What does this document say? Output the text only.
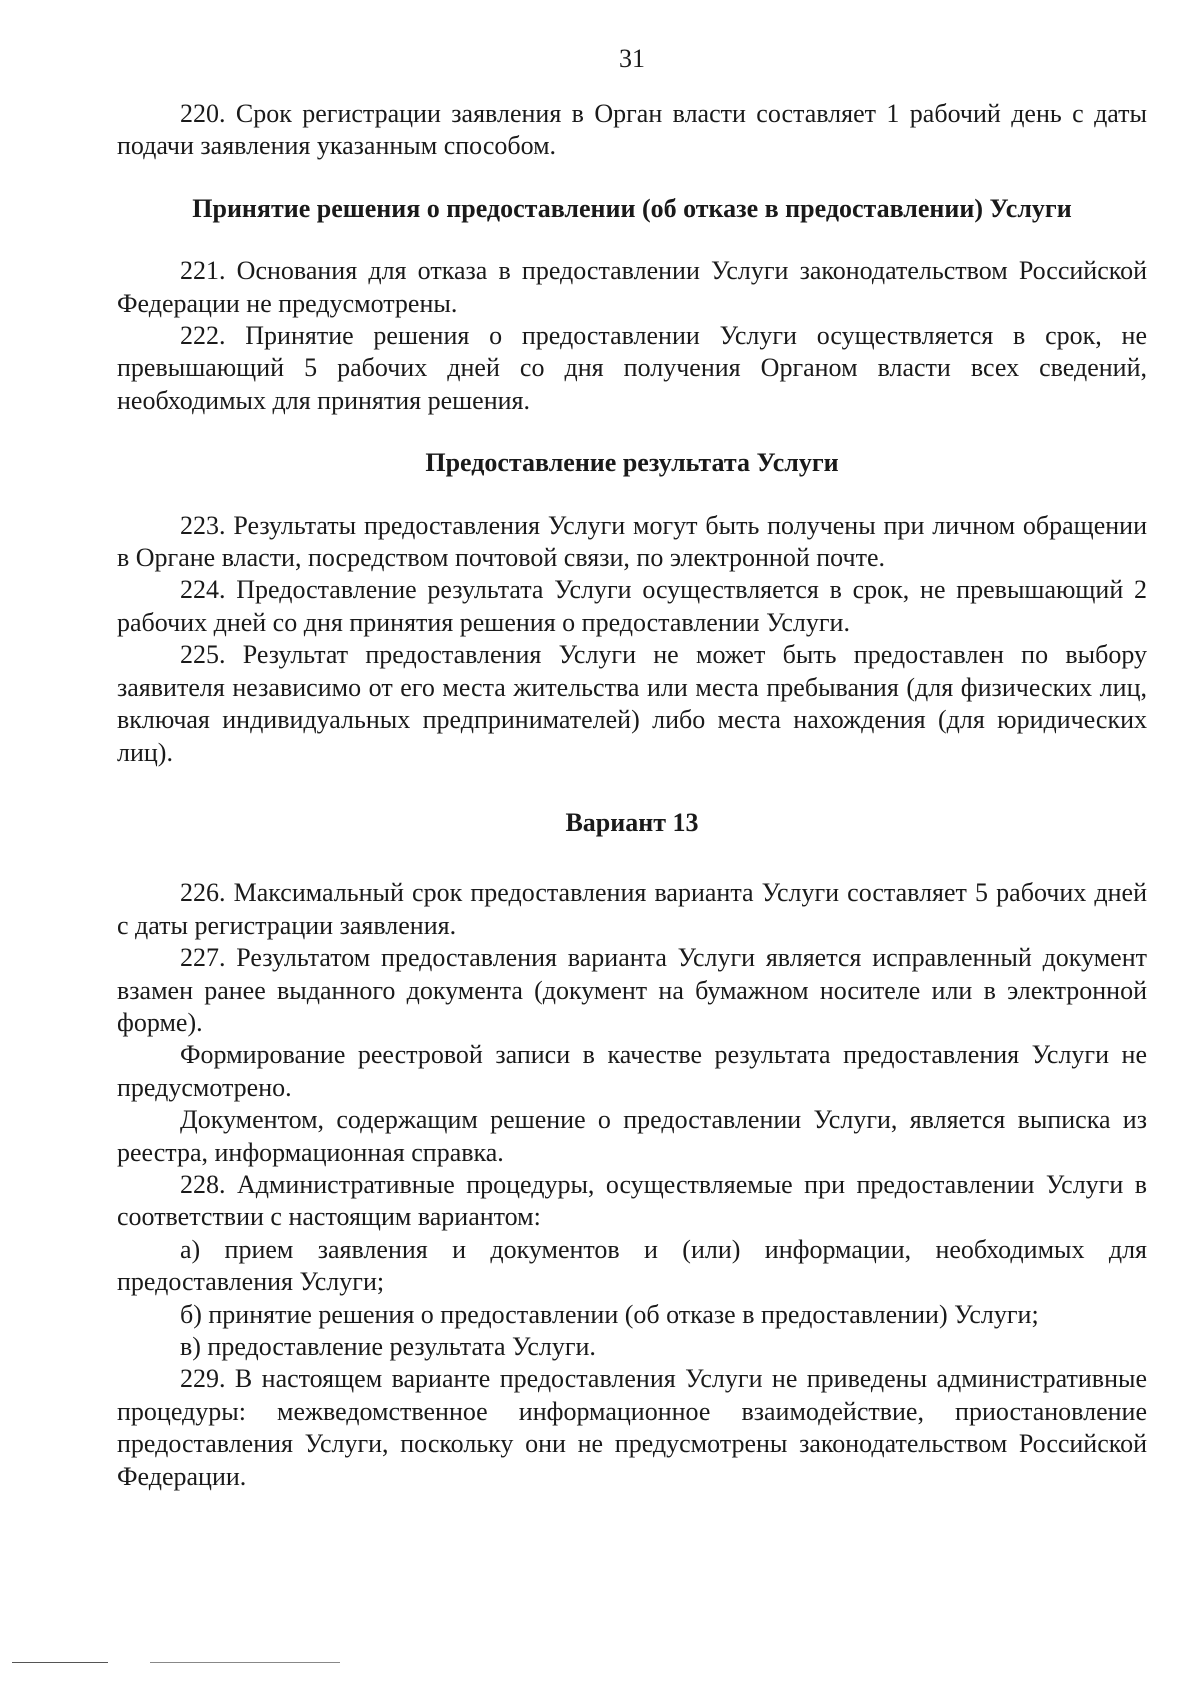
31

220. Срок регистрации заявления в Орган власти составляет 1 рабочий день с даты подачи заявления указанным способом.

Принятие решения о предоставлении (об отказе в предоставлении) Услуги

221. Основания для отказа в предоставлении Услуги законодательством Российской Федерации не предусмотрены.

222. Принятие решения о предоставлении Услуги осуществляется в срок, не превышающий 5 рабочих дней со дня получения Органом власти всех сведений, необходимых для принятия решения.

Предоставление результата Услуги

223. Результаты предоставления Услуги могут быть получены при личном обращении в Органе власти, посредством почтовой связи, по электронной почте.

224. Предоставление результата Услуги осуществляется в срок, не превышающий 2 рабочих дней со дня принятия решения о предоставлении Услуги.

225. Результат предоставления Услуги не может быть предоставлен по выбору заявителя независимо от его места жительства или места пребывания (для физических лиц, включая индивидуальных предпринимателей) либо места нахождения (для юридических лиц).

Вариант 13

226. Максимальный срок предоставления варианта Услуги составляет 5 рабочих дней с даты регистрации заявления.

227. Результатом предоставления варианта Услуги является исправленный документ взамен ранее выданного документа (документ на бумажном носителе или в электронной форме).

Формирование реестровой записи в качестве результата предоставления Услуги не предусмотрено.

Документом, содержащим решение о предоставлении Услуги, является выписка из реестра, информационная справка.

228. Административные процедуры, осуществляемые при предоставлении Услуги в соответствии с настоящим вариантом:

а) прием заявления и документов и (или) информации, необходимых для предоставления Услуги;

б) принятие решения о предоставлении (об отказе в предоставлении) Услуги;

в) предоставление результата Услуги.

229. В настоящем варианте предоставления Услуги не приведены административные процедуры: межведомственное информационное взаимодействие, приостановление предоставления Услуги, поскольку они не предусмотрены законодательством Российской Федерации.
